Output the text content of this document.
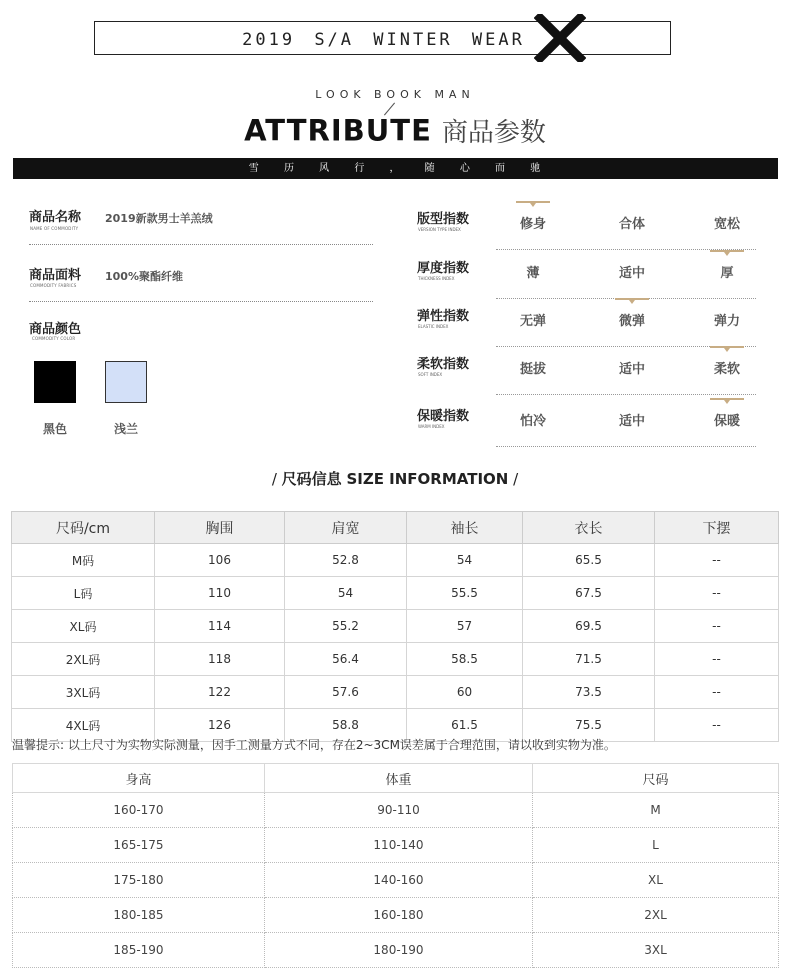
2019 S/A WINTER WEAR
LOOK BOOK MAN
ATTRIBUTE 商品参数
雪 历 风 行 ， 随 心 而 驰
商品名称
NAME OF COMMODITY
2019新款男士羊羔绒
商品面料
COMMODITY FABRICS
100%聚酯纤维
商品颜色
COMMODITY COLOR
黑色	浅兰
版型指数
VERSION TYPE INDEX	修身	合体	宽松
厚度指数
THICKNESS INDEX	薄	适中	厚
弹性指数
ELASTIC INDEX	无弹	微弹	弹力
柔软指数
SOFT INDEX	挺拔	适中	柔软
保暖指数
WARM INDEX	怕冷	适中	保暖
/ 尺码信息 SIZE INFORMATION /
尺码/cm	胸围	肩宽	袖长	衣长	下摆
M码	106	52.8	54	65.5	--
L码	110	54	55.5	67.5	--
XL码	114	55.2	57	69.5	--
2XL码	118	56.4	58.5	71.5	--
3XL码	122	57.6	60	73.5	--
4XL码	126	58.8	61.5	75.5	--
温馨提示: 以上尺寸为实物实际测量，因手工测量方式不同，存在2~3CM误差属于合理范围，请以收到实物为准。
身高	体重	尺码
160-170	90-110	M
165-175	110-140	L
175-180	140-160	XL
180-185	160-180	2XL
185-190	180-190	3XL
